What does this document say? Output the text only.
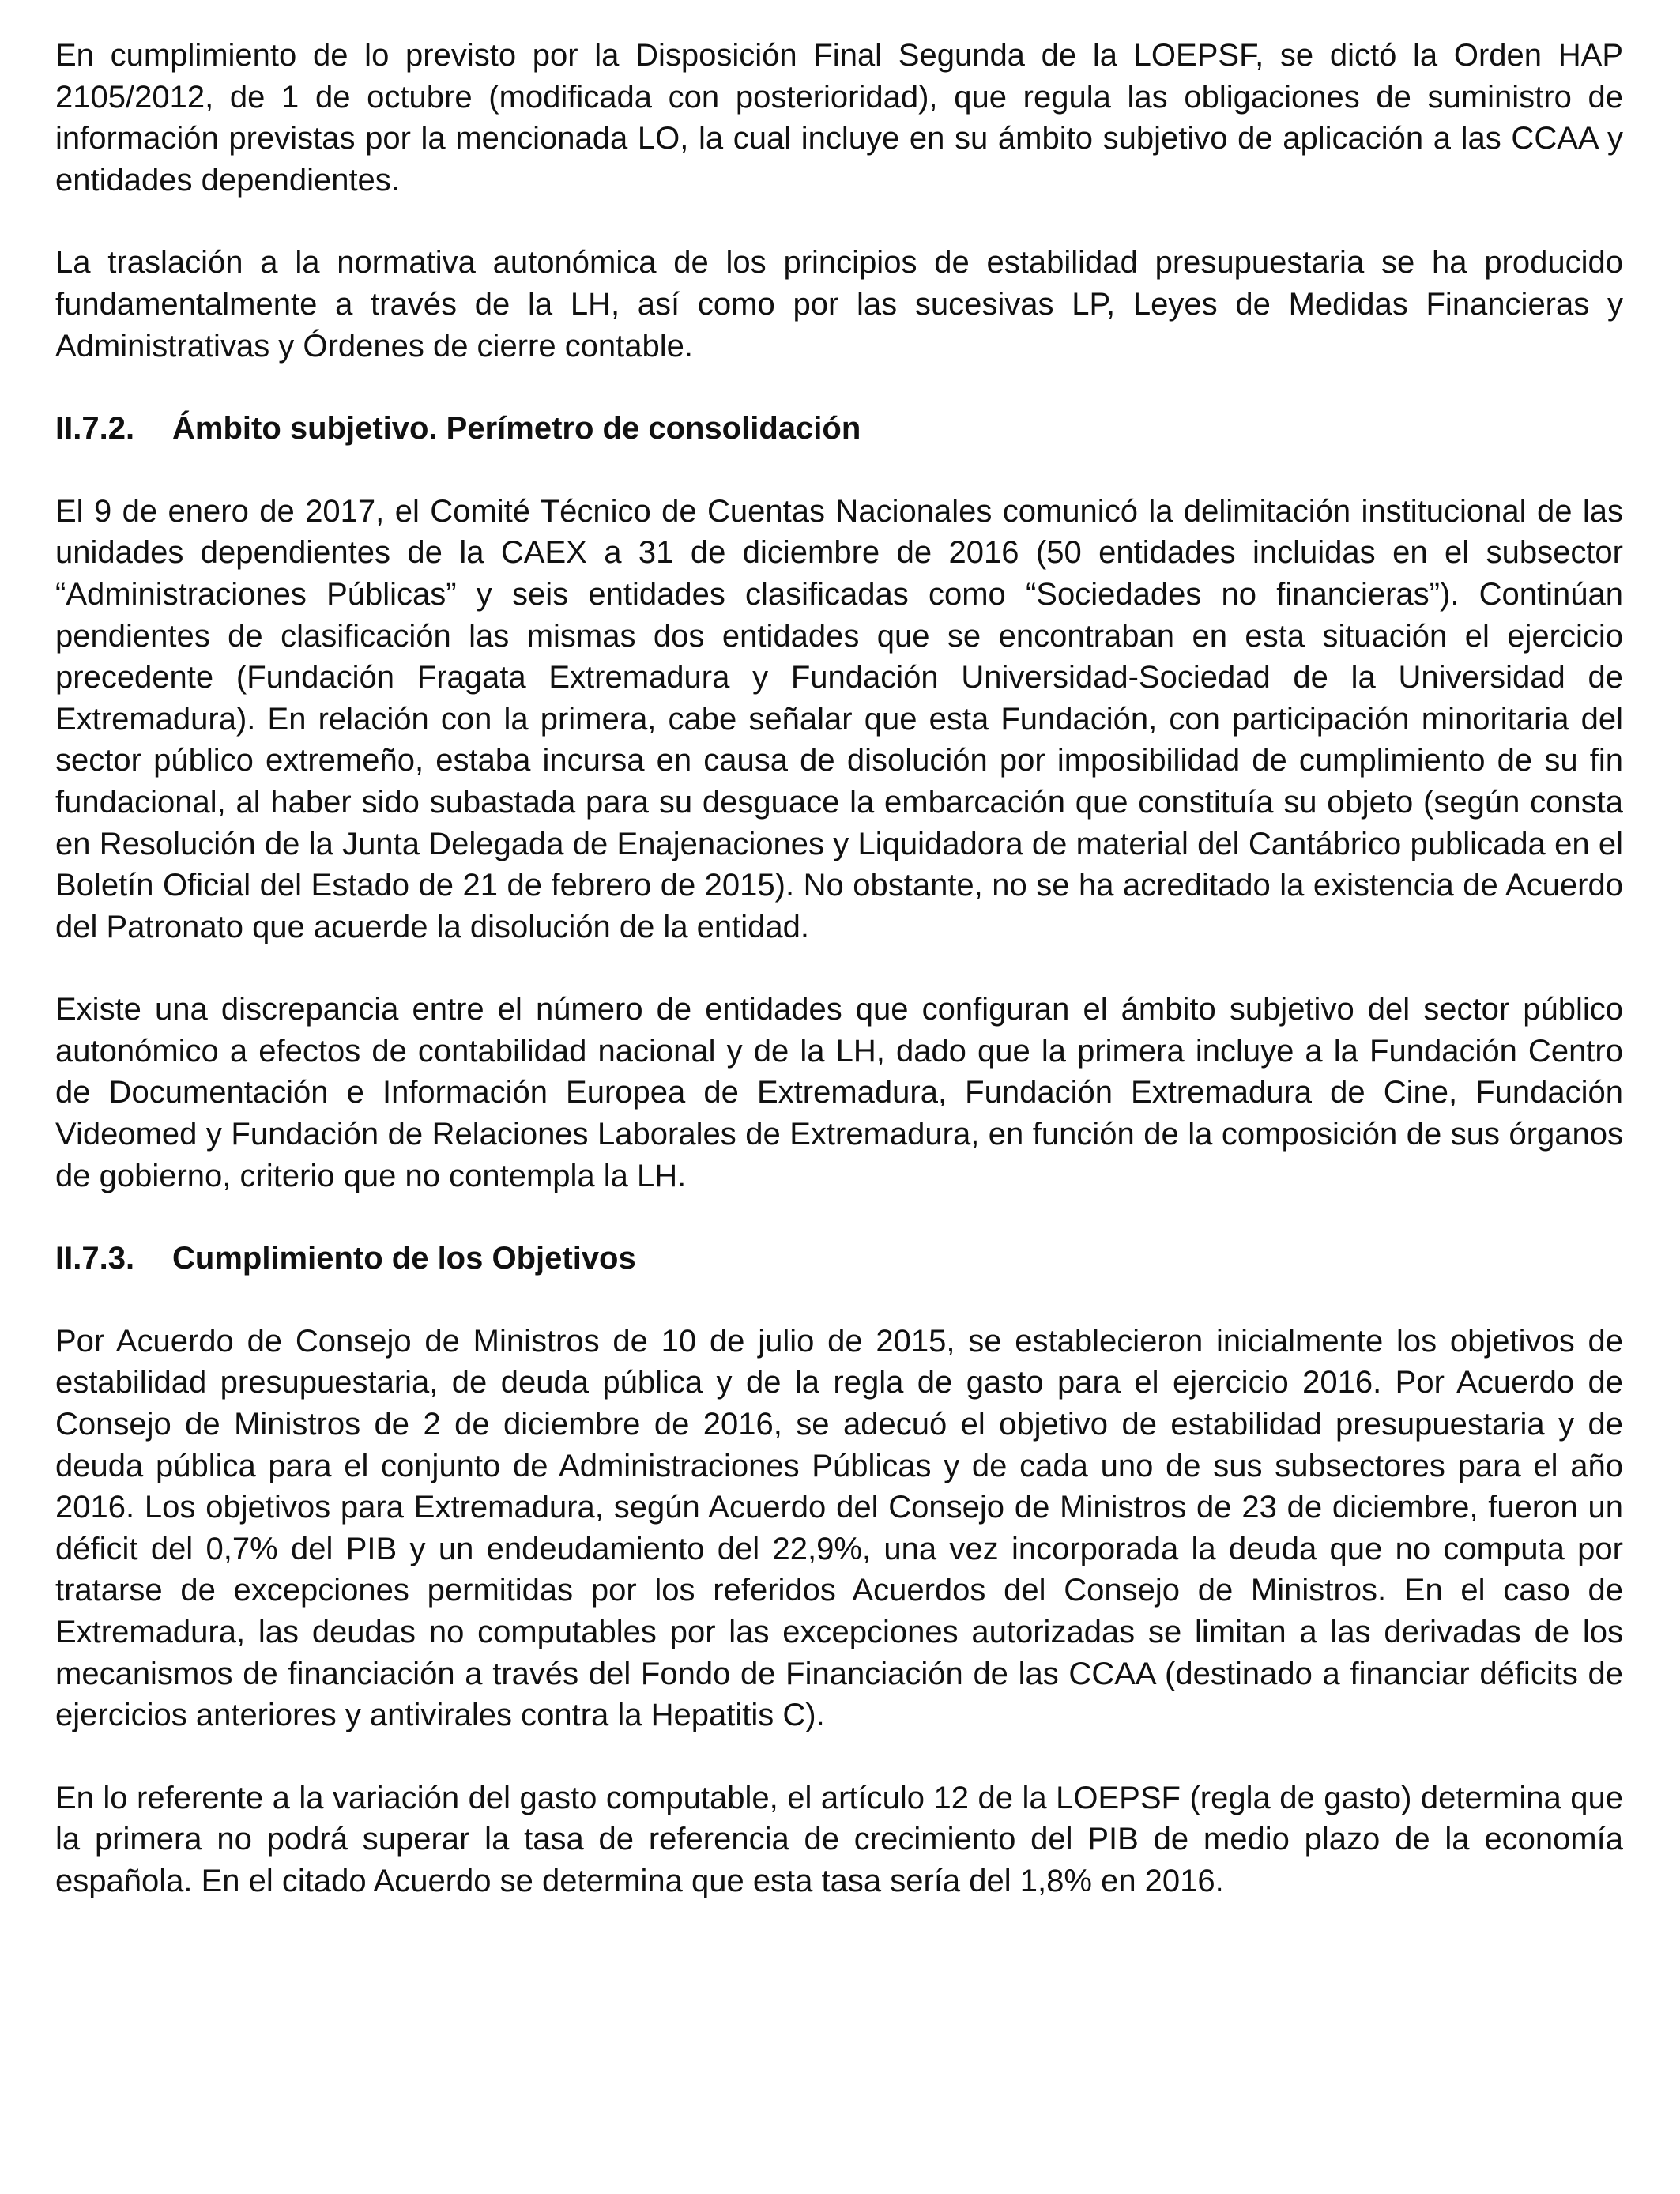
En cumplimiento de lo previsto por la Disposición Final Segunda de la LOEPSF, se dictó la Orden HAP 2105/2012, de 1 de octubre (modificada con posterioridad), que regula las obligaciones de suministro de información previstas por la mencionada LO, la cual incluye en su ámbito subjetivo de aplicación a las CCAA y entidades dependientes.

La traslación a la normativa autonómica de los principios de estabilidad presupuestaria se ha producido fundamentalmente a través de la LH, así como por las sucesivas LP, Leyes de Medidas Financieras y Administrativas y Órdenes de cierre contable.

II.7.2. Ámbito subjetivo. Perímetro de consolidación

El 9 de enero de 2017, el Comité Técnico de Cuentas Nacionales comunicó la delimitación institucional de las unidades dependientes de la CAEX a 31 de diciembre de 2016 (50 entidades incluidas en el subsector “Administraciones Públicas” y seis entidades clasificadas como “Sociedades no financieras”). Continúan pendientes de clasificación las mismas dos entidades que se encontraban en esta situación el ejercicio precedente (Fundación Fragata Extremadura y Fundación Universidad-Sociedad de la Universidad de Extremadura). En relación con la primera, cabe señalar que esta Fundación, con participación minoritaria del sector público extremeño, estaba incursa en causa de disolución por imposibilidad de cumplimiento de su fin fundacional, al haber sido subastada para su desguace la embarcación que constituía su objeto (según consta en Resolución de la Junta Delegada de Enajenaciones y Liquidadora de material del Cantábrico publicada en el Boletín Oficial del Estado de 21 de febrero de 2015). No obstante, no se ha acreditado la existencia de Acuerdo del Patronato que acuerde la disolución de la entidad.

Existe una discrepancia entre el número de entidades que configuran el ámbito subjetivo del sector público autonómico a efectos de contabilidad nacional y de la LH, dado que la primera incluye a la Fundación Centro de Documentación e Información Europea de Extremadura, Fundación Extremadura de Cine, Fundación Videomed y Fundación de Relaciones Laborales de Extremadura, en función de la composición de sus órganos de gobierno, criterio que no contempla la LH.

II.7.3. Cumplimiento de los Objetivos

Por Acuerdo de Consejo de Ministros de 10 de julio de 2015, se establecieron inicialmente los objetivos de estabilidad presupuestaria, de deuda pública y de la regla de gasto para el ejercicio 2016. Por Acuerdo de Consejo de Ministros de 2 de diciembre de 2016, se adecuó el objetivo de estabilidad presupuestaria y de deuda pública para el conjunto de Administraciones Públicas y de cada uno de sus subsectores para el año 2016. Los objetivos para Extremadura, según Acuerdo del Consejo de Ministros de 23 de diciembre, fueron un déficit del 0,7% del PIB y un endeudamiento del 22,9%, una vez incorporada la deuda que no computa por tratarse de excepciones permitidas por los referidos Acuerdos del Consejo de Ministros. En el caso de Extremadura, las deudas no computables por las excepciones autorizadas se limitan a las derivadas de los mecanismos de financiación a través del Fondo de Financiación de las CCAA (destinado a financiar déficits de ejercicios anteriores y antivirales contra la Hepatitis C).

En lo referente a la variación del gasto computable, el artículo 12 de la LOEPSF (regla de gasto) determina que la primera no podrá superar la tasa de referencia de crecimiento del PIB de medio plazo de la economía española. En el citado Acuerdo se determina que esta tasa sería del 1,8% en 2016.
